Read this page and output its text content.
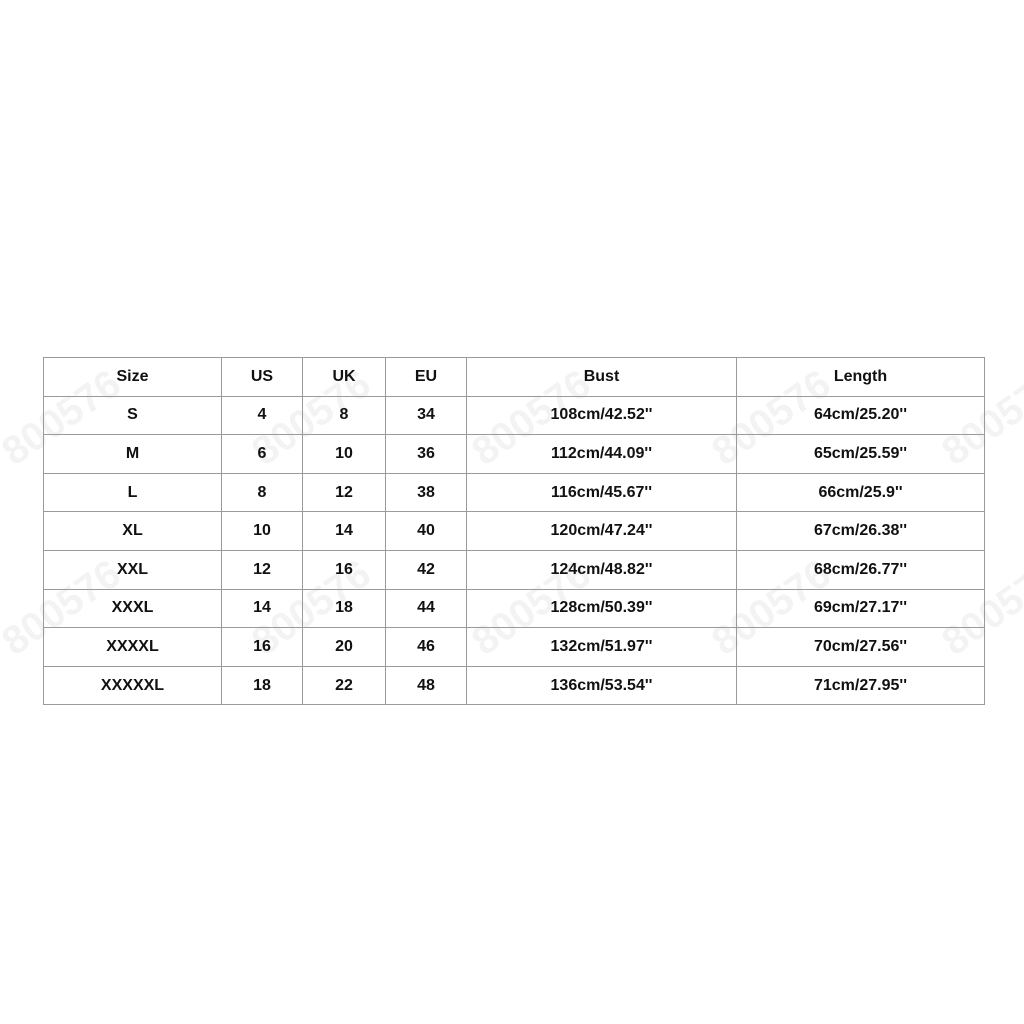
Size	US	UK	EU	Bust	Length
S	4	8	34	108cm/42.52''	64cm/25.20''
M	6	10	36	112cm/44.09''	65cm/25.59''
L	8	12	38	116cm/45.67''	66cm/25.9''
XL	10	14	40	120cm/47.24''	67cm/26.38''
XXL	12	16	42	124cm/48.82''	68cm/26.77''
XXXL	14	18	44	128cm/50.39''	69cm/27.17''
XXXXL	16	20	46	132cm/51.97''	70cm/27.56''
XXXXXL	18	22	48	136cm/53.54''	71cm/27.95''
